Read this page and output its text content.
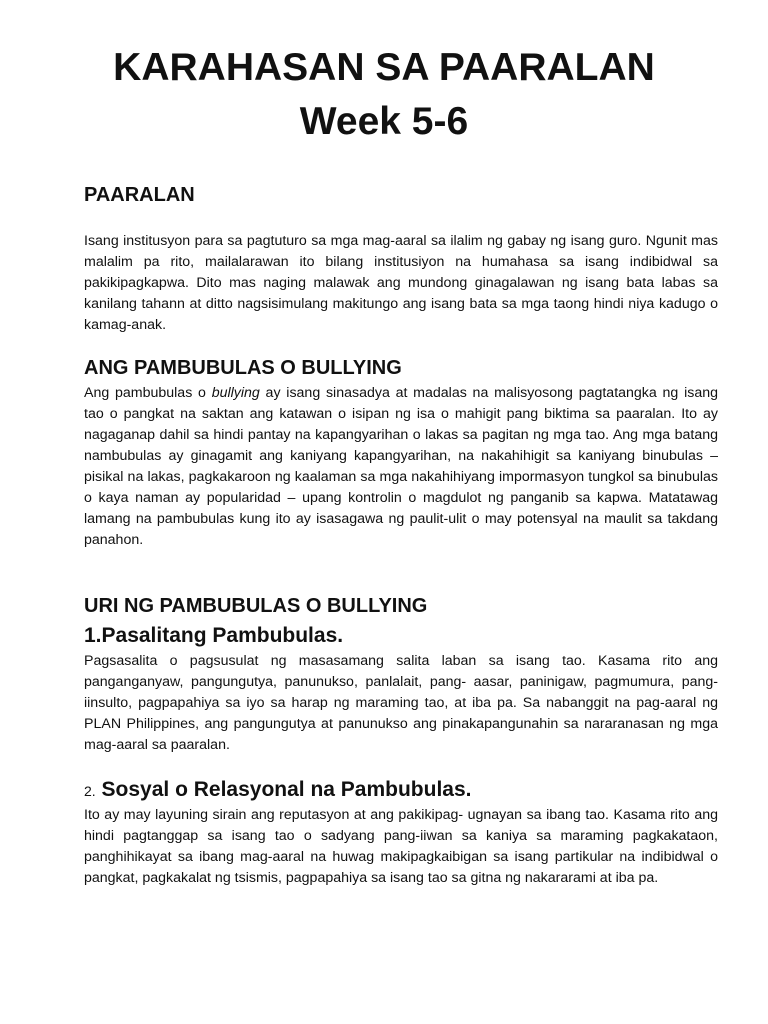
KARAHASAN SA PAARALAN
Week 5-6
PAARALAN
Isang institusyon para sa pagtuturo sa mga mag-aaral sa ilalim ng gabay ng isang guro. Ngunit mas malalim pa rito, mailalarawan ito bilang institusiyon na humahasa sa isang indibidwal sa pakikipagkapwa. Dito mas naging malawak ang mundong ginagalawan ng isang bata labas sa kanilang tahann at ditto nagsisimulang makitungo ang isang bata sa mga taong hindi niya kadugo o kamag-anak.
ANG PAMBUBULAS O BULLYING
Ang pambubulas o bullying ay isang sinasadya at madalas na malisyosong pagtatangka ng isang tao o pangkat na saktan ang katawan o isipan ng isa o mahigit pang biktima sa paaralan. Ito ay nagaganap dahil sa hindi pantay na kapangyarihan o lakas sa pagitan ng mga tao. Ang mga batang nambubulas ay ginagamit ang kaniyang kapangyarihan, na nakahihigit sa kaniyang binubulas – pisikal na lakas, pagkakaroon ng kaalaman sa mga nakahihiyang impormasyon tungkol sa binubulas o kaya naman ay popularidad – upang kontrolin o magdulot ng panganib sa kapwa. Matatawag lamang na pambubulas kung ito ay isasagawa ng paulit-ulit o may potensyal na maulit sa takdang panahon.
URI NG PAMBUBULAS O BULLYING
1.Pasalitang Pambubulas.
Pagsasalita o pagsusulat ng masasamang salita laban sa isang tao. Kasama rito ang panganganyaw, pangungutya, panunukso, panlalait, pang- aasar, paninigaw, pagmumura, pang-iinsulto, pagpapahiya sa iyo sa harap ng maraming tao, at iba pa. Sa nabanggit na pag-aaral ng PLAN Philippines, ang pangungutya at panunukso ang pinakapangunahin sa nararanasan ng mga mag-aaral sa paaralan.
2. Sosyal o Relasyonal na Pambubulas.
Ito ay may layuning sirain ang reputasyon at ang pakikipag- ugnayan sa ibang tao. Kasama rito ang hindi pagtanggap sa isang tao o sadyang pang-iiwan sa kaniya sa maraming pagkakataon, panghihikayat sa ibang mag-aaral na huwag makipagkaibigan sa isang partikular na indibidwal o pangkat, pagkakalat ng tsismis, pagpapahiya sa isang tao sa gitna ng nakararami at iba pa.
